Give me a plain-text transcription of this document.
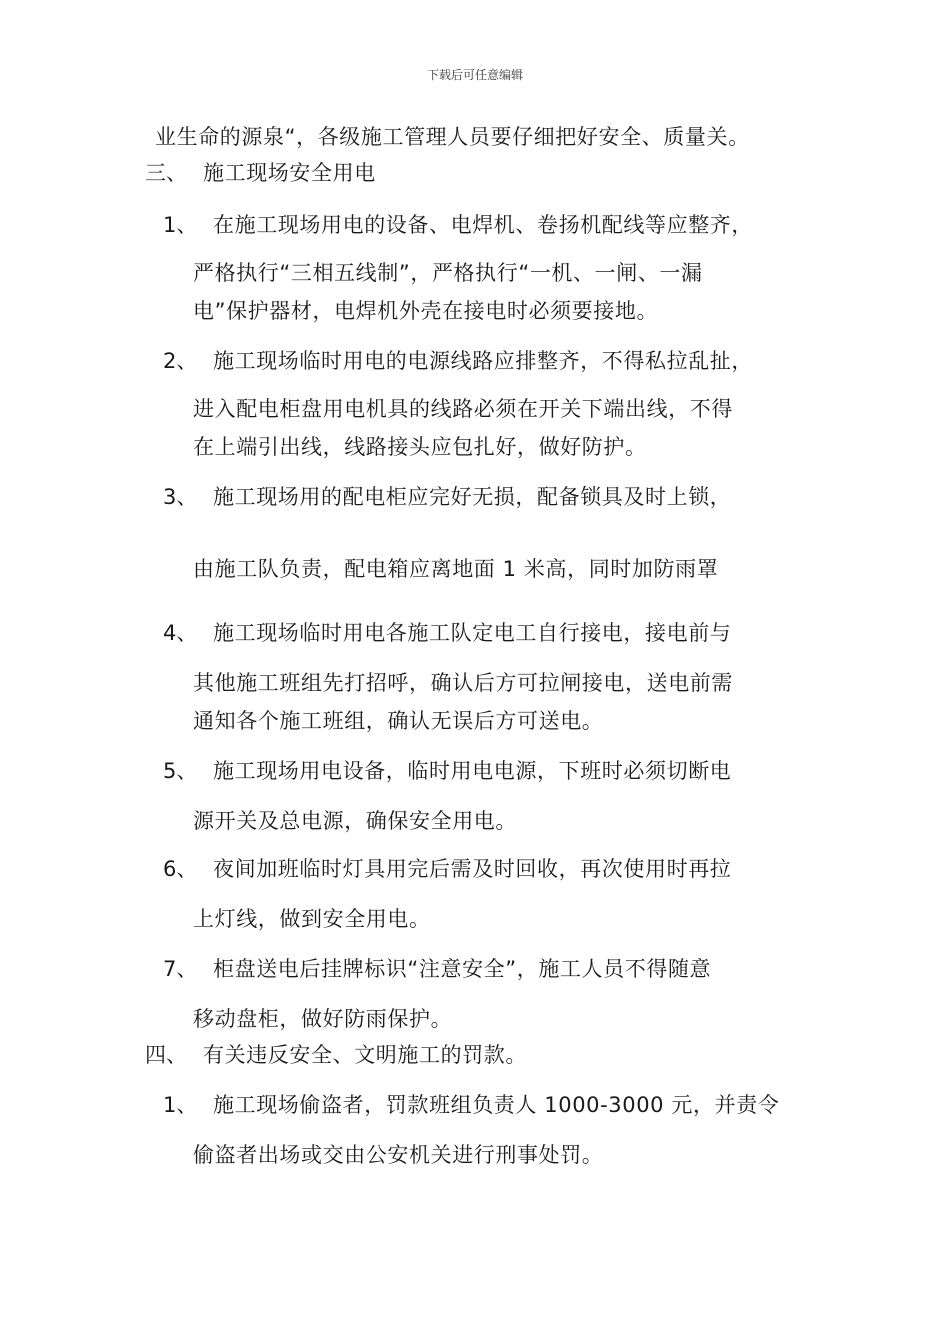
下载后可任意编辑
业生命的源泉“，各级施工管理人员要仔细把好安全、质量关。
三、 施工现场安全用电
1、 在施工现场用电的设备、电焊机、卷扬机配线等应整齐，
严格执行“三相五线制”，严格执行“一机、一闸、一漏
电”保护器材，电焊机外壳在接电时必须要接地。
2、 施工现场临时用电的电源线路应排整齐，不得私拉乱扯，
进入配电柜盘用电机具的线路必须在开关下端出线，不得
在上端引出线，线路接头应包扎好，做好防护。
3、 施工现场用的配电柜应完好无损，配备锁具及时上锁，
由施工队负责，配电箱应离地面 1 米高，同时加防雨罩
4、 施工现场临时用电各施工队定电工自行接电，接电前与
其他施工班组先打招呼，确认后方可拉闸接电，送电前需
通知各个施工班组，确认无误后方可送电。
5、 施工现场用电设备，临时用电电源，下班时必须切断电
源开关及总电源，确保安全用电。
6、 夜间加班临时灯具用完后需及时回收，再次使用时再拉
上灯线，做到安全用电。
7、 柜盘送电后挂牌标识“注意安全”，施工人员不得随意
移动盘柜，做好防雨保护。
四、 有关违反安全、文明施工的罚款。
1、 施工现场偷盗者，罚款班组负责人 1000-3000 元，并责令
偷盗者出场或交由公安机关进行刑事处罚。
